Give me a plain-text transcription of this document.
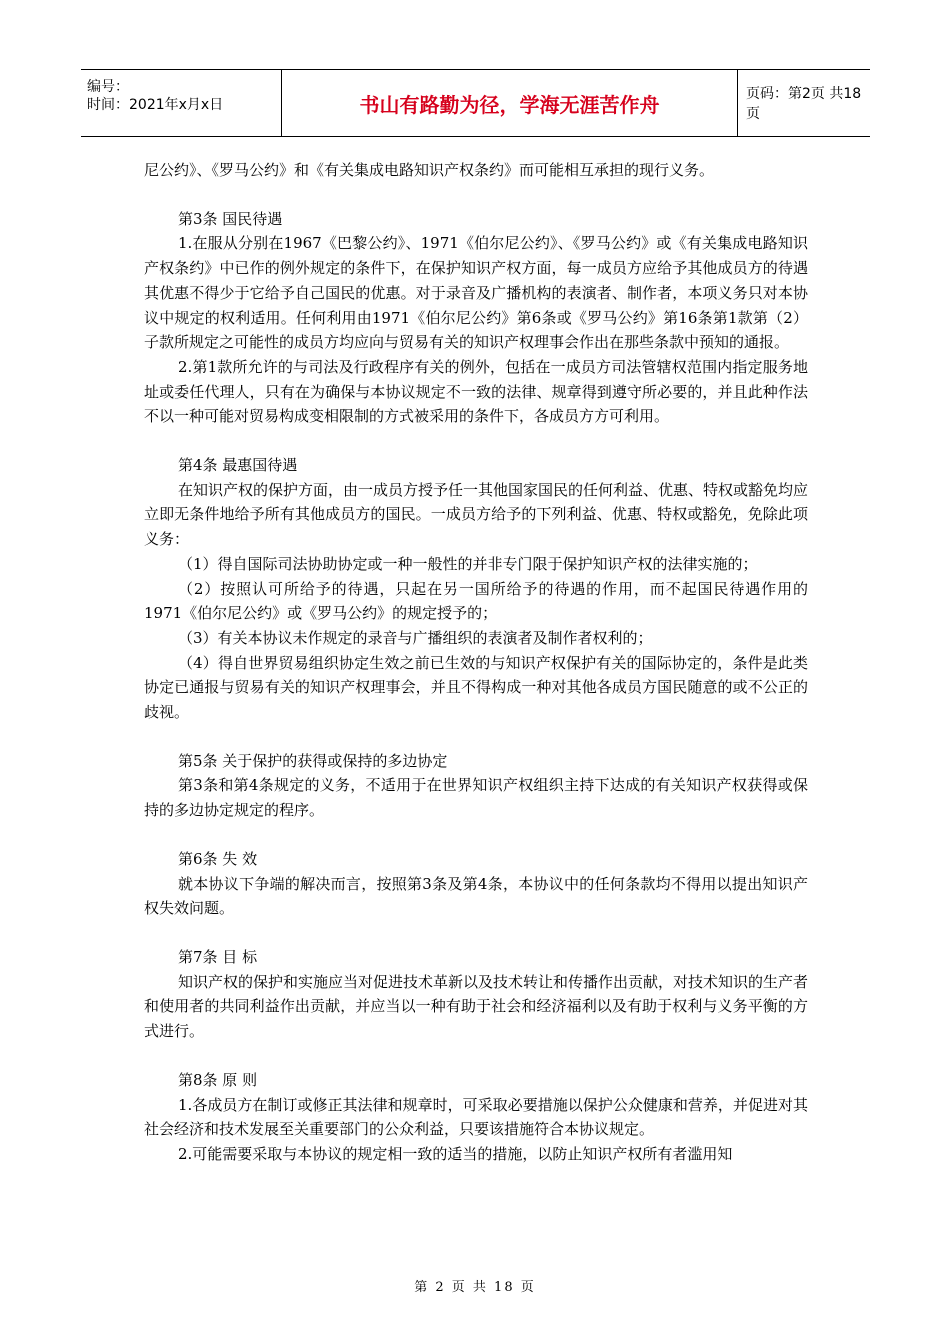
编号：
时间：2021年x月x日	书山有路勤为径，学海无涯苦作舟	页码：第2页 共18页

尼公约》、《罗马公约》和《有关集成电路知识产权条约》而可能相互承担的现行义务。

第3条 国民待遇

1.在服从分别在1967《巴黎公约》、1971《伯尔尼公约》、《罗马公约》或《有关集成电路知识产权条约》中已作的例外规定的条件下，在保护知识产权方面，每一成员方应给予其他成员方的待遇其优惠不得少于它给予自己国民的优惠。对于录音及广播机构的表演者、制作者，本项义务只对本协议中规定的权利适用。任何利用由1971《伯尔尼公约》第6条或《罗马公约》第16条第1款第（2）子款所规定之可能性的成员方均应向与贸易有关的知识产权理事会作出在那些条款中预知的通报。

2.第1款所允许的与司法及行政程序有关的例外，包括在一成员方司法管辖权范围内指定服务地址或委任代理人，只有在为确保与本协议规定不一致的法律、规章得到遵守所必要的，并且此种作法不以一种可能对贸易构成变相限制的方式被采用的条件下，各成员方方可利用。

第4条 最惠国待遇

在知识产权的保护方面，由一成员方授予任一其他国家国民的任何利益、优惠、特权或豁免均应立即无条件地给予所有其他成员方的国民。一成员方给予的下列利益、优惠、特权或豁免，免除此项义务：

（1）得自国际司法协助协定或一种一般性的并非专门限于保护知识产权的法律实施的；

（2）按照认可所给予的待遇，只起在另一国所给予的待遇的作用，而不起国民待遇作用的1971《伯尔尼公约》或《罗马公约》的规定授予的；

（3）有关本协议未作规定的录音与广播组织的表演者及制作者权利的；

（4）得自世界贸易组织协定生效之前已生效的与知识产权保护有关的国际协定的，条件是此类协定已通报与贸易有关的知识产权理事会，并且不得构成一种对其他各成员方国民随意的或不公正的歧视。

第5条 关于保护的获得或保持的多边协定

第3条和第4条规定的义务，不适用于在世界知识产权组织主持下达成的有关知识产权获得或保持的多边协定规定的程序。

第6条 失 效

就本协议下争端的解决而言，按照第3条及第4条，本协议中的任何条款均不得用以提出知识产权失效问题。

第7条 目 标

知识产权的保护和实施应当对促进技术革新以及技术转让和传播作出贡献，对技术知识的生产者和使用者的共同利益作出贡献，并应当以一种有助于社会和经济福利以及有助于权利与义务平衡的方式进行。

第8条 原 则

1.各成员方在制订或修正其法律和规章时，可采取必要措施以保护公众健康和营养，并促进对其社会经济和技术发展至关重要部门的公众利益，只要该措施符合本协议规定。

2.可能需要采取与本协议的规定相一致的适当的措施，以防止知识产权所有者滥用知

第 2 页 共 18 页
